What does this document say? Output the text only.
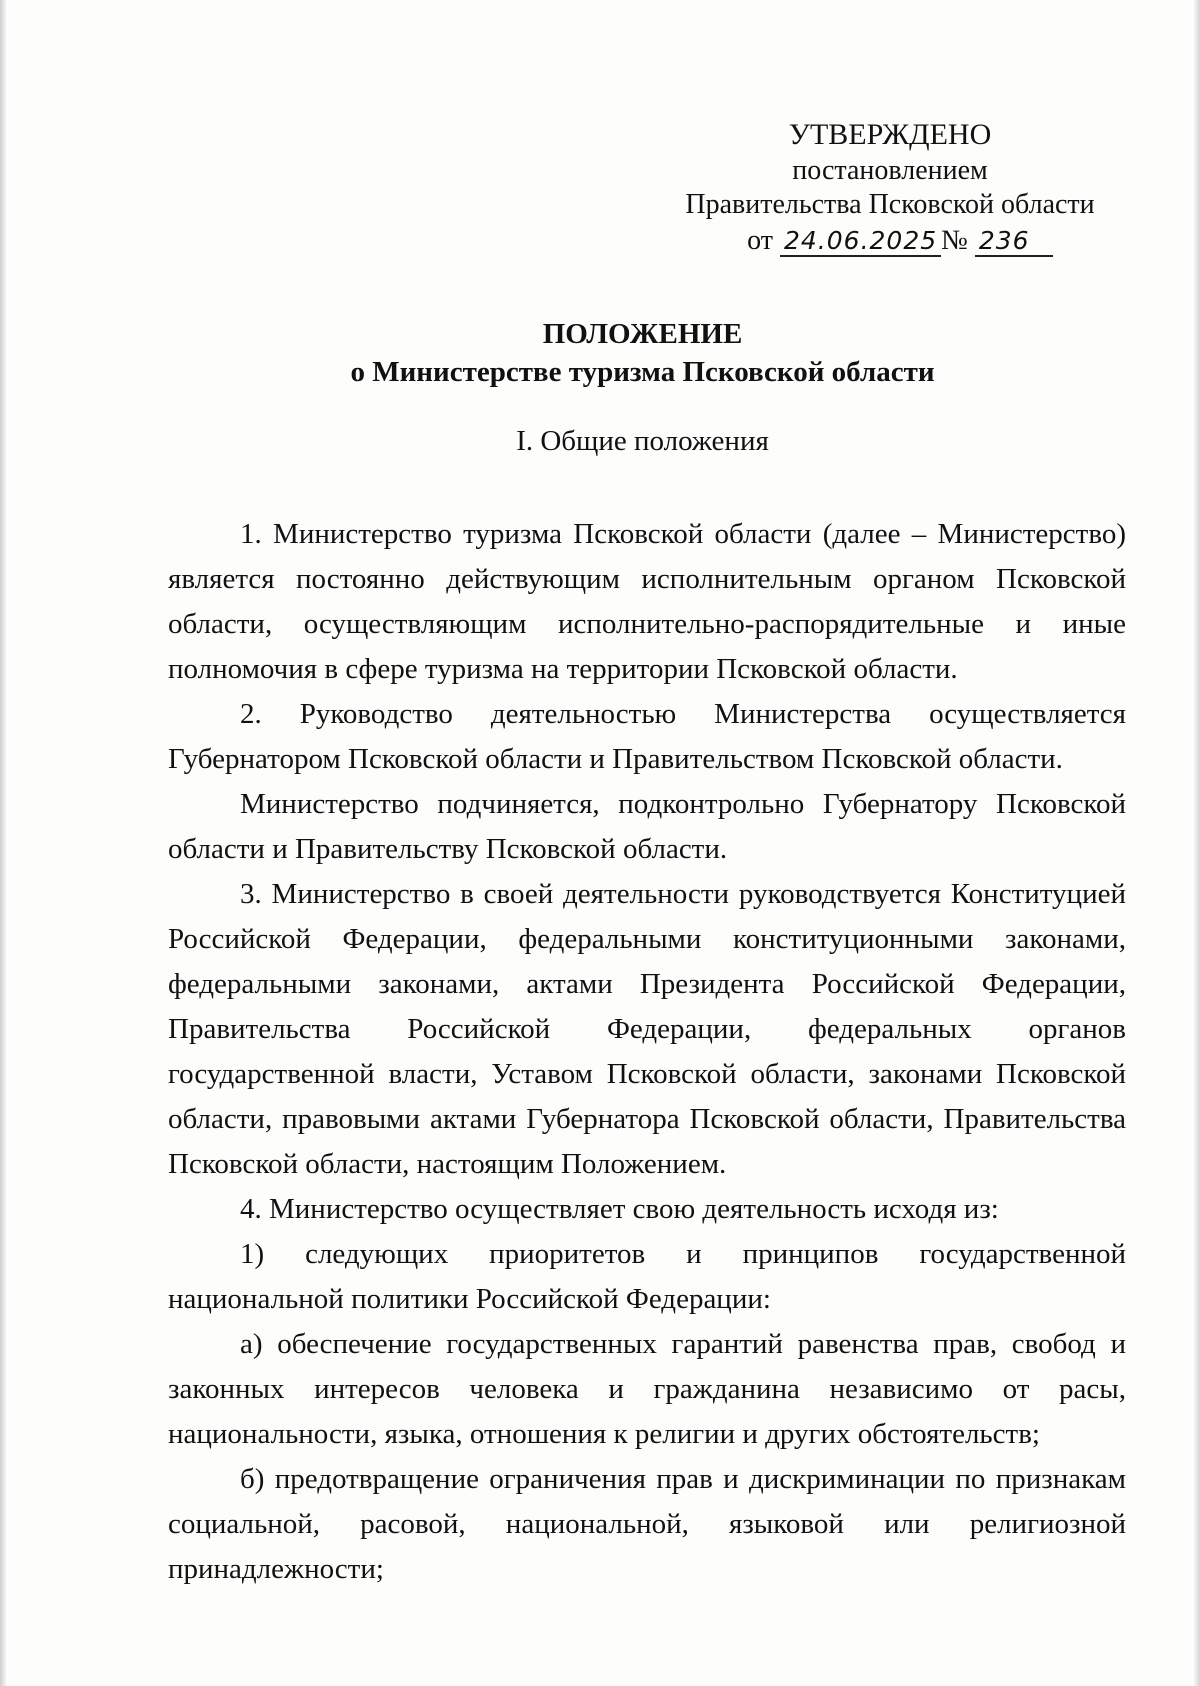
УТВЕРЖДЕНО
постановлением
Правительства Псковской области
от 24.06.2025 № 236
ПОЛОЖЕНИЕ
о Министерстве туризма Псковской области
I. Общие положения

1. Министерство туризма Псковской области (далее – Министерство) является постоянно действующим исполнительным органом Псковской области, осуществляющим исполнительно-распорядительные и иные полномочия в сфере туризма на территории Псковской области.

2. Руководство деятельностью Министерства осуществляется Губернатором Псковской области и Правительством Псковской области.

Министерство подчиняется, подконтрольно Губернатору Псковской области и Правительству Псковской области.

3. Министерство в своей деятельности руководствуется Конституцией Российской Федерации, федеральными конституционными законами, федеральными законами, актами Президента Российской Федерации, Правительства Российской Федерации, федеральных органов государственной власти, Уставом Псковской области, законами Псковской области, правовыми актами Губернатора Псковской области, Правительства Псковской области, настоящим Положением.

4. Министерство осуществляет свою деятельность исходя из:

1) следующих приоритетов и принципов государственной национальной политики Российской Федерации:

а) обеспечение государственных гарантий равенства прав, свобод и законных интересов человека и гражданина независимо от расы, национальности, языка, отношения к религии и других обстоятельств;

б) предотвращение ограничения прав и дискриминации по признакам социальной, расовой, национальной, языковой или религиозной принадлежности;
